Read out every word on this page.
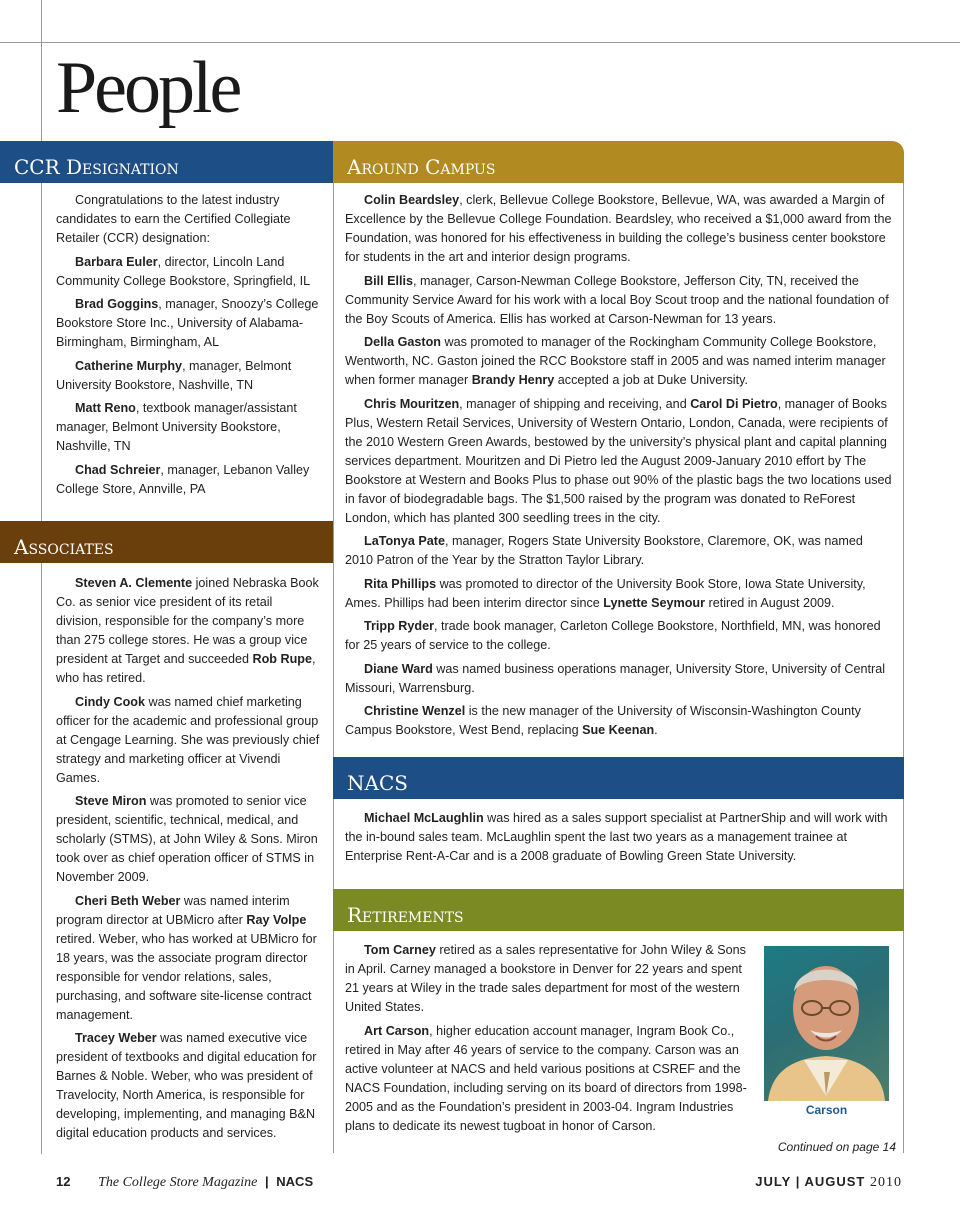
People
CCR Designation

Congratulations to the latest industry candidates to earn the Certified Collegiate Retailer (CCR) designation:

Barbara Euler, director, Lincoln Land Community College Bookstore, Springfield, IL

Brad Goggins, manager, Snoozy’s College Bookstore Store Inc., University of Alabama-Birmingham, Birmingham, AL

Catherine Murphy, manager, Belmont University Bookstore, Nashville, TN

Matt Reno, textbook manager/assistant manager, Belmont University Bookstore, Nashville, TN

Chad Schreier, manager, Lebanon Valley College Store, Annville, PA

Associates

Steven A. Clemente joined Nebraska Book Co. as senior vice president of its retail division, responsible for the company’s more than 275 college stores. He was a group vice president at Target and succeeded Rob Rupe, who has retired.

Cindy Cook was named chief marketing officer for the academic and professional group at Cengage Learning. She was previously chief strategy and marketing officer at Vivendi Games.

Steve Miron was promoted to senior vice president, scientific, technical, medical, and scholarly (STMS), at John Wiley & Sons. Miron took over as chief operation officer of STMS in November 2009.

Cheri Beth Weber was named interim program director at UBMicro after Ray Volpe retired. Weber, who has worked at UBMicro for 18 years, was the associate program director responsible for vendor relations, sales, purchasing, and software site-license contract management.

Tracey Weber was named executive vice president of textbooks and digital education for Barnes & Noble. Weber, who was president of Travelocity, North America, is responsible for developing, implementing, and managing B&N digital education products and services.

Around Campus

Colin Beardsley, clerk, Bellevue College Bookstore, Bellevue, WA, was awarded a Margin of Excellence by the Bellevue College Foundation. Beardsley, who received a $1,000 award from the Foundation, was honored for his effectiveness in building the college’s business center bookstore for students in the art and interior design programs.

Bill Ellis, manager, Carson-Newman College Bookstore, Jefferson City, TN, received the Community Service Award for his work with a local Boy Scout troop and the national foundation of the Boy Scouts of America. Ellis has worked at Carson-Newman for 13 years.

Della Gaston was promoted to manager of the Rockingham Community College Bookstore, Wentworth, NC. Gaston joined the RCC Bookstore staff in 2005 and was named interim manager when former manager Brandy Henry accepted a job at Duke University.

Chris Mouritzen, manager of shipping and receiving, and Carol Di Pietro, manager of Books Plus, Western Retail Services, University of Western Ontario, London, Canada, were recipients of the 2010 Western Green Awards, bestowed by the university’s physical plant and capital planning services department. Mouritzen and Di Pietro led the August 2009-January 2010 effort by The Bookstore at Western and Books Plus to phase out 90% of the plastic bags the two locations used in favor of biodegradable bags. The $1,500 raised by the program was donated to ReForest London, which has planted 300 seedling trees in the city.

LaTonya Pate, manager, Rogers State University Bookstore, Claremore, OK, was named 2010 Patron of the Year by the Stratton Taylor Library.

Rita Phillips was promoted to director of the University Book Store, Iowa State University, Ames. Phillips had been interim director since Lynette Seymour retired in August 2009.

Tripp Ryder, trade book manager, Carleton College Bookstore, Northfield, MN, was honored for 25 years of service to the college.

Diane Ward was named business operations manager, University Store, University of Central Missouri, Warrensburg.

Christine Wenzel is the new manager of the University of Wisconsin-Washington County Campus Bookstore, West Bend, replacing Sue Keenan.

NACS

Michael McLaughlin was hired as a sales support specialist at PartnerShip and will work with the in-bound sales team. McLaughlin spent the last two years as a management trainee at Enterprise Rent-A-Car and is a 2008 graduate of Bowling Green State University.

Retirements

Tom Carney retired as a sales representative for John Wiley & Sons in April. Carney managed a bookstore in Denver for 22 years and spent 21 years at Wiley in the trade sales department for most of the western United States.

Art Carson, higher education account manager, Ingram Book Co., retired in May after 46 years of service to the company. Carson was an active volunteer at NACS and held various positions at CSREF and the NACS Foundation, including serving on its board of directors from 1998-2005 and as the Foundation’s president in 2003-04. Ingram Industries plans to dedicate its newest tugboat in honor of Carson.

Carson
Continued on page 14
12 The College Store Magazine | NACS	JULY | AUGUST 2010
